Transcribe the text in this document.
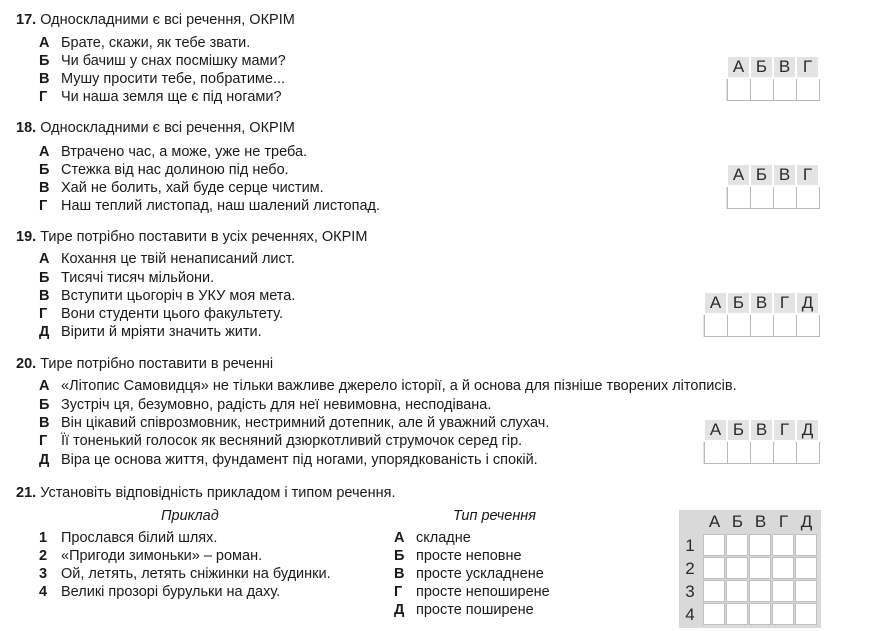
17. Односкладними є всі речення, ОКРІМ
А Брате, скажи, як тебе звати.
Б Чи бачиш у снах посмішку мами?
В Мушу просити тебе, побратиме...
Г Чи наша земля ще є під ногами?
А	Б	В	Г

18. Односкладними є всі речення, ОКРІМ
А Втрачено час, а може, уже не треба.
Б Стежка від нас долиною під небо.
В Хай не болить, хай буде серце чистим.
Г Наш теплий листопад, наш шалений листопад.
А	Б	В	Г

19. Тире потрібно поставити в усіх реченнях, ОКРІМ
А Кохання це твій ненаписаний лист.
Б Тисячі тисяч мільйони.
В Вступити цьогоріч в УКУ моя мета.
Г Вони студенти цього факультету.
Д Вірити й мріяти значить жити.
А	Б	В	Г	Д

20. Тире потрібно поставити в реченні
А «Літопис Самовидця» не тільки важливе джерело історії, а й основа для пізніше творених літописів.
Б Зустріч ця, безумовно, радість для неї невимовна, несподівана.
В Він цікавий співрозмовник, нестримний дотепник, але й уважний слухач.
Г Її тоненький голосок як весняний дзюркотливий струмочок серед гір.
Д Віра це основа життя, фундамент під ногами, упорядкованість і спокій.
А	Б	В	Г	Д

21. Установіть відповідність прикладом і типом речення.
Приклад	Тип речення
1 Прослався білий шлях.
2 «Пригоди зимоньки» – роман.
3 Ой, летять, летять сніжинки на будинки.
4 Великі прозорі бурульки на даху.
А складне
Б просте неповне
В просте ускладнене
Г просте непоширене
Д просте поширене
А Б В Г Д
1
2
3
4
